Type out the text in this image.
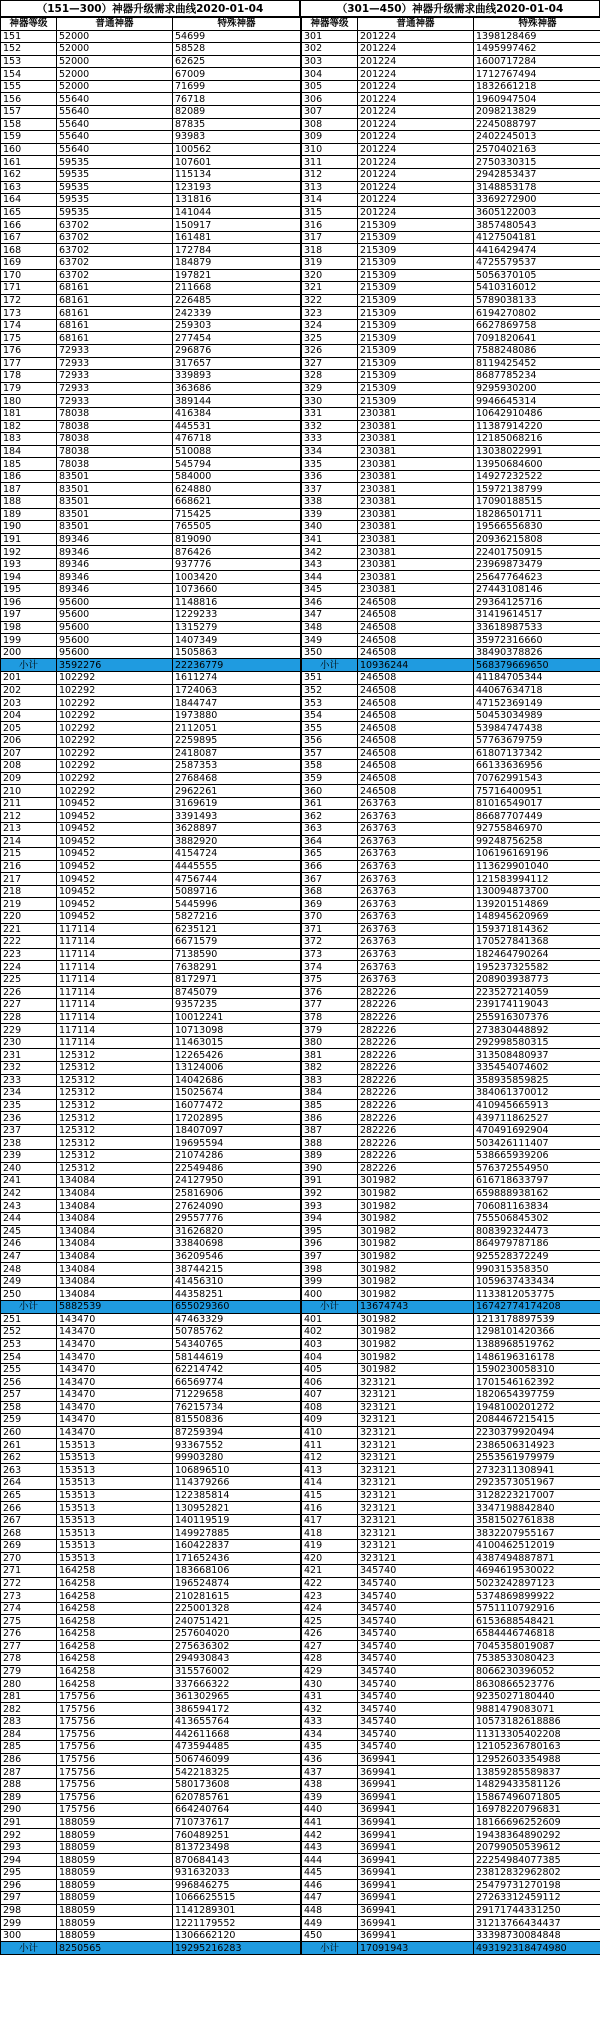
（151—300）神器升级需求曲线2020-01-04
神器等级	普通神器	特殊神器
151	52000	54699
152	52000	58528
153	52000	62625
154	52000	67009
155	52000	71699
156	55640	76718
157	55640	82089
158	55640	87835
159	55640	93983
160	55640	100562
161	59535	107601
162	59535	115134
163	59535	123193
164	59535	131816
165	59535	141044
166	63702	150917
167	63702	161481
168	63702	172784
169	63702	184879
170	63702	197821
171	68161	211668
172	68161	226485
173	68161	242339
174	68161	259303
175	68161	277454
176	72933	296876
177	72933	317657
178	72933	339893
179	72933	363686
180	72933	389144
181	78038	416384
182	78038	445531
183	78038	476718
184	78038	510088
185	78038	545794
186	83501	584000
187	83501	624880
188	83501	668621
189	83501	715425
190	83501	765505
191	89346	819090
192	89346	876426
193	89346	937776
194	89346	1003420
195	89346	1073660
196	95600	1148816
197	95600	1229233
198	95600	1315279
199	95600	1407349
200	95600	1505863
小计	3592276	22236779
201	102292	1611274
202	102292	1724063
203	102292	1844747
204	102292	1973880
205	102292	2112051
206	102292	2259895
207	102292	2418087
208	102292	2587353
209	102292	2768468
210	102292	2962261
211	109452	3169619
212	109452	3391493
213	109452	3628897
214	109452	3882920
215	109452	4154724
216	109452	4445555
217	109452	4756744
218	109452	5089716
219	109452	5445996
220	109452	5827216
221	117114	6235121
222	117114	6671579
223	117114	7138590
224	117114	7638291
225	117114	8172971
226	117114	8745079
227	117114	9357235
228	117114	10012241
229	117114	10713098
230	117114	11463015
231	125312	12265426
232	125312	13124006
233	125312	14042686
234	125312	15025674
235	125312	16077472
236	125312	17202895
237	125312	18407097
238	125312	19695594
239	125312	21074286
240	125312	22549486
241	134084	24127950
242	134084	25816906
243	134084	27624090
244	134084	29557776
245	134084	31626820
246	134084	33840698
247	134084	36209546
248	134084	38744215
249	134084	41456310
250	134084	44358251
小计	5882539	655029360
251	143470	47463329
252	143470	50785762
253	143470	54340765
254	143470	58144619
255	143470	62214742
256	143470	66569774
257	143470	71229658
258	143470	76215734
259	143470	81550836
260	143470	87259394
261	153513	93367552
262	153513	99903280
263	153513	106896510
264	153513	114379266
265	153513	122385814
266	153513	130952821
267	153513	140119519
268	153513	149927885
269	153513	160422837
270	153513	171652436
271	164258	183668106
272	164258	196524874
273	164258	210281615
274	164258	225001328
275	164258	240751421
276	164258	257604020
277	164258	275636302
278	164258	294930843
279	164258	315576002
280	164258	337666322
281	175756	361302965
282	175756	386594172
283	175756	413655764
284	175756	442611668
285	175756	473594485
286	175756	506746099
287	175756	542218325
288	175756	580173608
289	175756	620785761
290	175756	664240764
291	188059	710737617
292	188059	760489251
293	188059	813723498
294	188059	870684143
295	188059	931632033
296	188059	996846275
297	188059	1066625515
298	188059	1141289301
299	188059	1221179552
300	188059	1306662120
小计	8250565	19295216283
（301—450）神器升级需求曲线2020-01-04
神器等级	普通神器	特殊神器
301	201224	1398128469
302	201224	1495997462
303	201224	1600717284
304	201224	1712767494
305	201224	1832661218
306	201224	1960947504
307	201224	2098213829
308	201224	2245088797
309	201224	2402245013
310	201224	2570402163
311	201224	2750330315
312	201224	2942853437
313	201224	3148853178
314	201224	3369272900
315	201224	3605122003
316	215309	3857480543
317	215309	4127504181
318	215309	4416429474
319	215309	4725579537
320	215309	5056370105
321	215309	5410316012
322	215309	5789038133
323	215309	6194270802
324	215309	6627869758
325	215309	7091820641
326	215309	7588248086
327	215309	8119425452
328	215309	8687785234
329	215309	9295930200
330	215309	9946645314
331	230381	10642910486
332	230381	11387914220
333	230381	12185068216
334	230381	13038022991
335	230381	13950684600
336	230381	14927232522
337	230381	15972138799
338	230381	17090188515
339	230381	18286501711
340	230381	19566556830
341	230381	20936215808
342	230381	22401750915
343	230381	23969873479
344	230381	25647764623
345	230381	27443108146
346	246508	29364125716
347	246508	31419614517
348	246508	33618987533
349	246508	35972316660
350	246508	38490378826
小计	10936244	568379669650
351	246508	41184705344
352	246508	44067634718
353	246508	47152369149
354	246508	50453034989
355	246508	53984747438
356	246508	57763679759
357	246508	61807137342
358	246508	66133636956
359	246508	70762991543
360	246508	75716400951
361	263763	81016549017
362	263763	86687707449
363	263763	92755846970
364	263763	99248756258
365	263763	106196169196
366	263763	113629901040
367	263763	121583994112
368	263763	130094873700
369	263763	139201514869
370	263763	148945620969
371	263763	159371814362
372	263763	170527841368
373	263763	182464790264
374	263763	195237325582
375	263763	208903938773
376	282226	223527214059
377	282226	239174119043
378	282226	255916307376
379	282226	273830448892
380	282226	292998580315
381	282226	313508480937
382	282226	335454074602
383	282226	358935859825
384	282226	384061370012
385	282226	410945665913
386	282226	439711862527
387	282226	470491692904
388	282226	503426111407
389	282226	538665939206
390	282226	576372554950
391	301982	616718633797
392	301982	659888938162
393	301982	706081163834
394	301982	755506845302
395	301982	808392324473
396	301982	864979787186
397	301982	925528372249
398	301982	990315358350
399	301982	1059637433434
400	301982	1133812053775
小计	13674743	16742774174208
401	301982	1213178897539
402	301982	1298101420366
403	301982	1388968519762
404	301982	1486196316178
405	301982	1590230058310
406	323121	1701546162392
407	323121	1820654397759
408	323121	1948100201272
409	323121	2084467215415
410	323121	2230379920494
411	323121	2386506314923
412	323121	2553561979979
413	323121	2732311308941
414	323121	2923573051967
415	323121	3128223217007
416	323121	3347198842840
417	323121	3581502761838
418	323121	3832207955167
419	323121	4100462512019
420	323121	4387494887871
421	345740	4694619530022
422	345740	5023242897123
423	345740	5374869899922
424	345740	5751110792916
425	345740	6153688548421
426	345740	6584446746818
427	345740	7045358019087
428	345740	7538533080423
429	345740	8066230396052
430	345740	8630866523776
431	345740	9235027180440
432	345740	9881479083071
433	345740	10573182618886
434	345740	11313305402208
435	345740	12105236780163
436	369941	12952603354988
437	369941	13859285589837
438	369941	14829433581126
439	369941	15867496071805
440	369941	16978220796831
441	369941	18166696252609
442	369941	19438364890292
443	369941	20799050539612
444	369941	22254984077385
445	369941	23812832962802
446	369941	25479731270198
447	369941	27263312459112
448	369941	29171744331250
449	369941	31213766434437
450	369941	33398730084848
小计	17091943	493192318474980
